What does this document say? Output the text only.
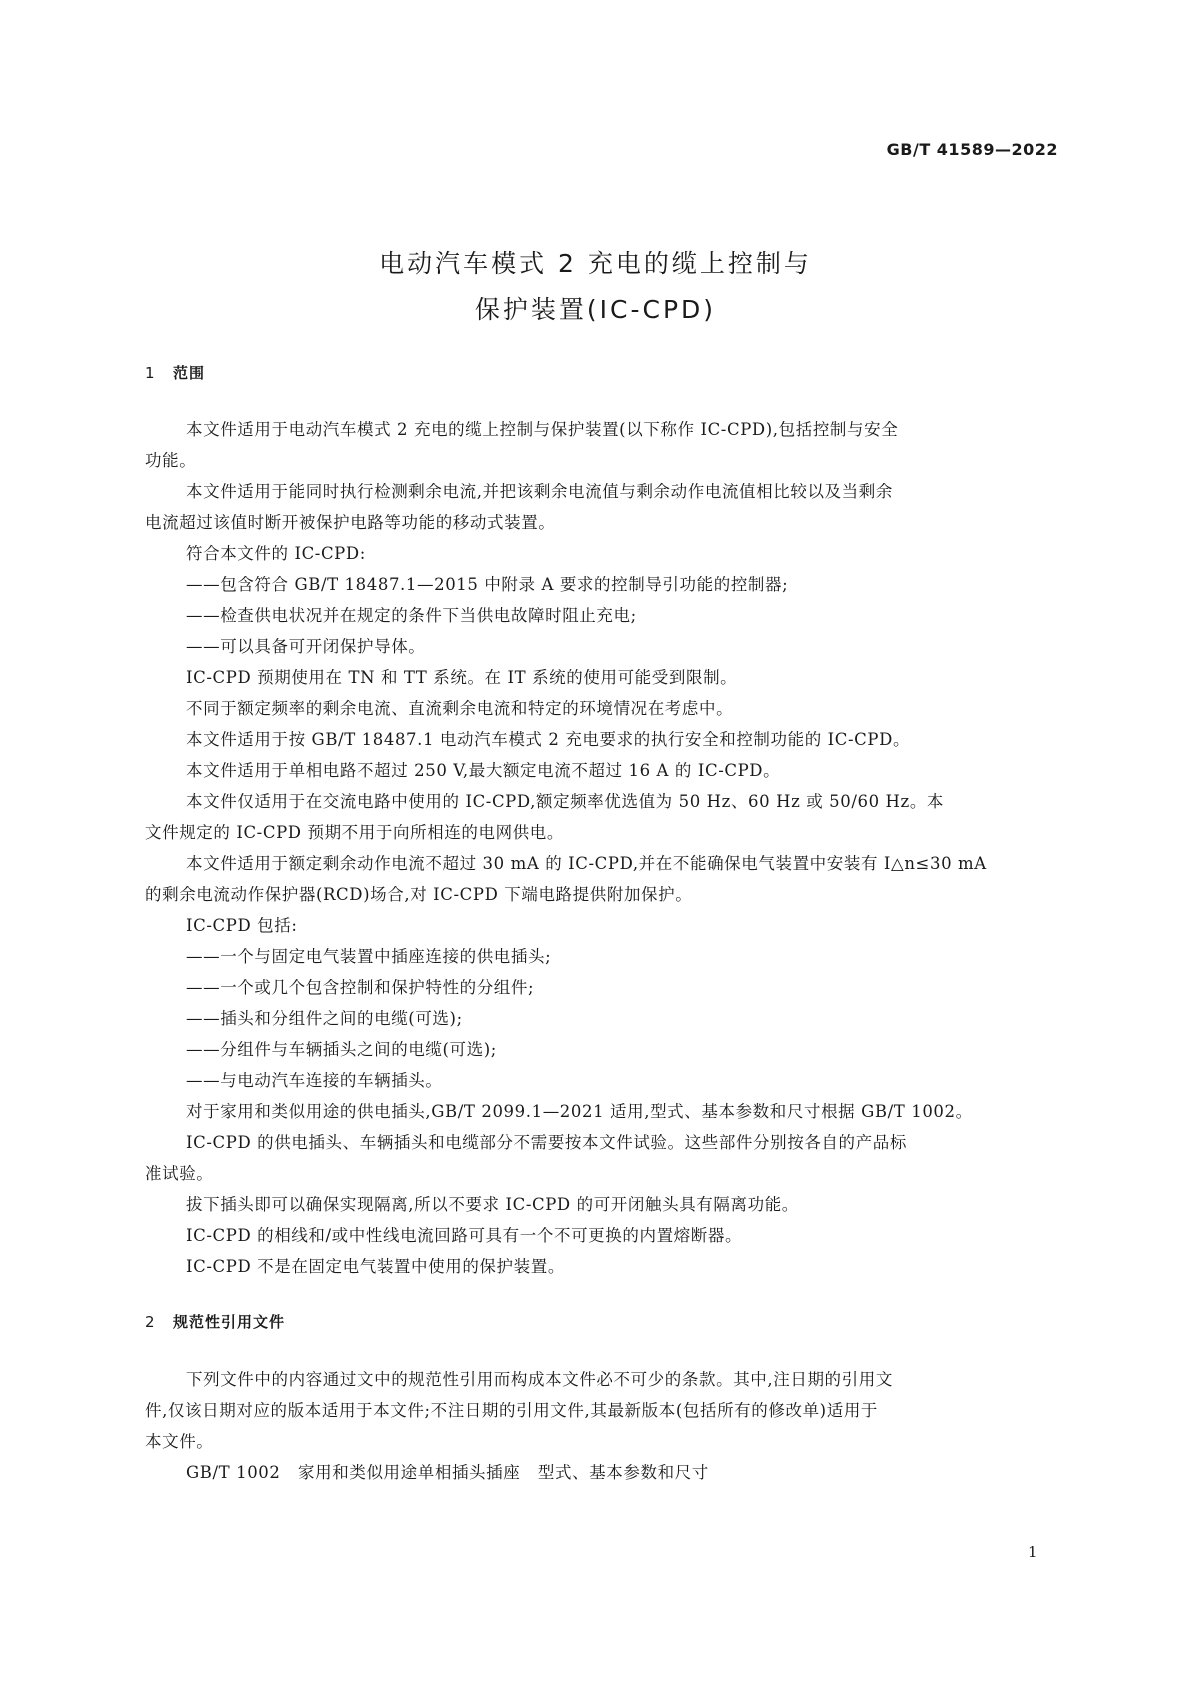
GB/T 41589—2022
电动汽车模式 2 充电的缆上控制与
保护装置(IC-CPD)
1 范围
本文件适用于电动汽车模式 2 充电的缆上控制与保护装置(以下称作 IC-CPD),包括控制与安全
功能。
本文件适用于能同时执行检测剩余电流,并把该剩余电流值与剩余动作电流值相比较以及当剩余
电流超过该值时断开被保护电路等功能的移动式装置。
符合本文件的 IC-CPD:
——包含符合 GB/T 18487.1—2015 中附录 A 要求的控制导引功能的控制器;
——检查供电状况并在规定的条件下当供电故障时阻止充电;
——可以具备可开闭保护导体。
IC-CPD 预期使用在 TN 和 TT 系统。在 IT 系统的使用可能受到限制。
不同于额定频率的剩余电流、直流剩余电流和特定的环境情况在考虑中。
本文件适用于按 GB/T 18487.1 电动汽车模式 2 充电要求的执行安全和控制功能的 IC-CPD。
本文件适用于单相电路不超过 250 V,最大额定电流不超过 16 A 的 IC-CPD。
本文件仅适用于在交流电路中使用的 IC-CPD,额定频率优选值为 50 Hz、60 Hz 或 50/60 Hz。本
文件规定的 IC-CPD 预期不用于向所相连的电网供电。
本文件适用于额定剩余动作电流不超过 30 mA 的 IC-CPD,并在不能确保电气装置中安装有 I△n≤30 mA
的剩余电流动作保护器(RCD)场合,对 IC-CPD 下端电路提供附加保护。
IC-CPD 包括:
——一个与固定电气装置中插座连接的供电插头;
——一个或几个包含控制和保护特性的分组件;
——插头和分组件之间的电缆(可选);
——分组件与车辆插头之间的电缆(可选);
——与电动汽车连接的车辆插头。
对于家用和类似用途的供电插头,GB/T 2099.1—2021 适用,型式、基本参数和尺寸根据 GB/T 1002。
IC-CPD 的供电插头、车辆插头和电缆部分不需要按本文件试验。这些部件分别按各自的产品标
准试验。
拔下插头即可以确保实现隔离,所以不要求 IC-CPD 的可开闭触头具有隔离功能。
IC-CPD 的相线和/或中性线电流回路可具有一个不可更换的内置熔断器。
IC-CPD 不是在固定电气装置中使用的保护装置。
2 规范性引用文件
下列文件中的内容通过文中的规范性引用而构成本文件必不可少的条款。其中,注日期的引用文
件,仅该日期对应的版本适用于本文件;不注日期的引用文件,其最新版本(包括所有的修改单)适用于
本文件。
GB/T 1002   家用和类似用途单相插头插座   型式、基本参数和尺寸
1
